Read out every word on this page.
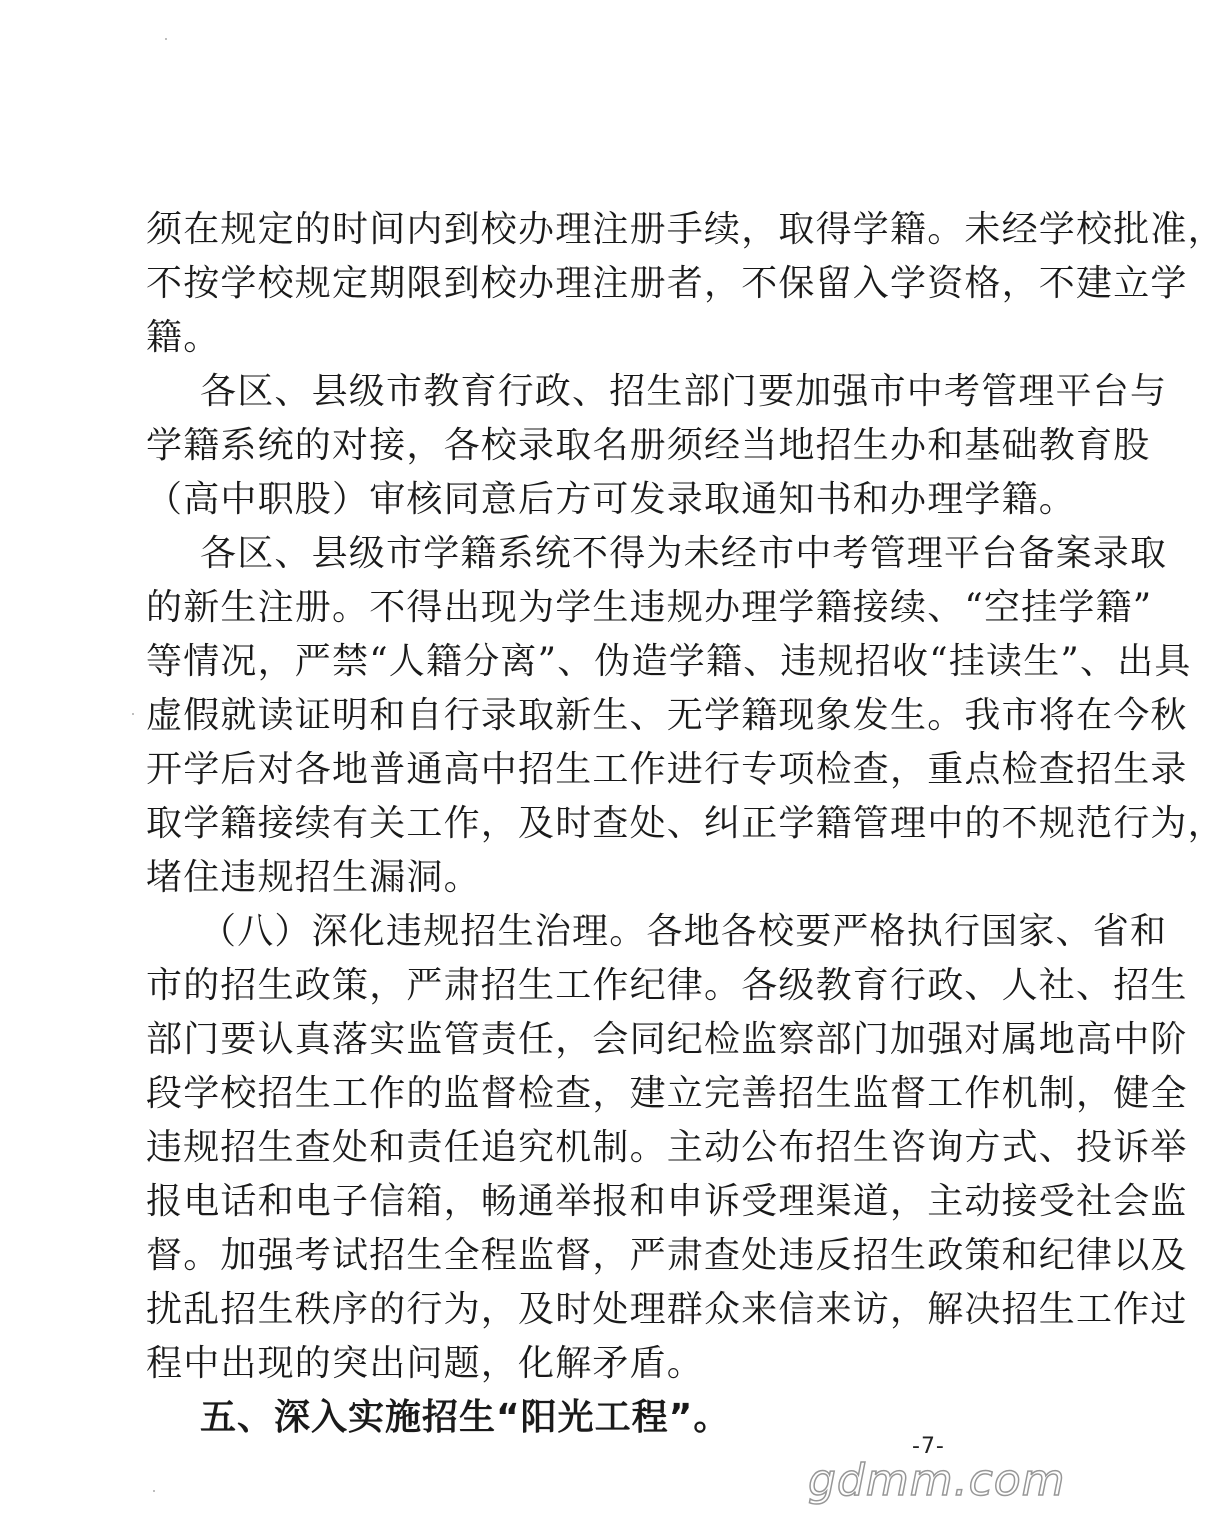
须在规定的时间内到校办理注册手续，取得学籍。未经学校批准，
不按学校规定期限到校办理注册者，不保留入学资格，不建立学
籍。
各区、县级市教育行政、招生部门要加强市中考管理平台与
学籍系统的对接，各校录取名册须经当地招生办和基础教育股
（高中职股）审核同意后方可发录取通知书和办理学籍。
各区、县级市学籍系统不得为未经市中考管理平台备案录取
的新生注册。不得出现为学生违规办理学籍接续、“空挂学籍”
等情况，严禁“人籍分离”、伪造学籍、违规招收“挂读生”、出具
虚假就读证明和自行录取新生、无学籍现象发生。我市将在今秋
开学后对各地普通高中招生工作进行专项检查，重点检查招生录
取学籍接续有关工作，及时查处、纠正学籍管理中的不规范行为，
堵住违规招生漏洞。
（八）深化违规招生治理。各地各校要严格执行国家、省和
市的招生政策，严肃招生工作纪律。各级教育行政、人社、招生
部门要认真落实监管责任，会同纪检监察部门加强对属地高中阶
段学校招生工作的监督检查，建立完善招生监督工作机制，健全
违规招生查处和责任追究机制。主动公布招生咨询方式、投诉举
报电话和电子信箱，畅通举报和申诉受理渠道，主动接受社会监
督。加强考试招生全程监督，严肃查处违反招生政策和纪律以及
扰乱招生秩序的行为，及时处理群众来信来访，解决招生工作过
程中出现的突出问题，化解矛盾。
五、深入实施招生“阳光工程”。
-7-
gdmm.com
